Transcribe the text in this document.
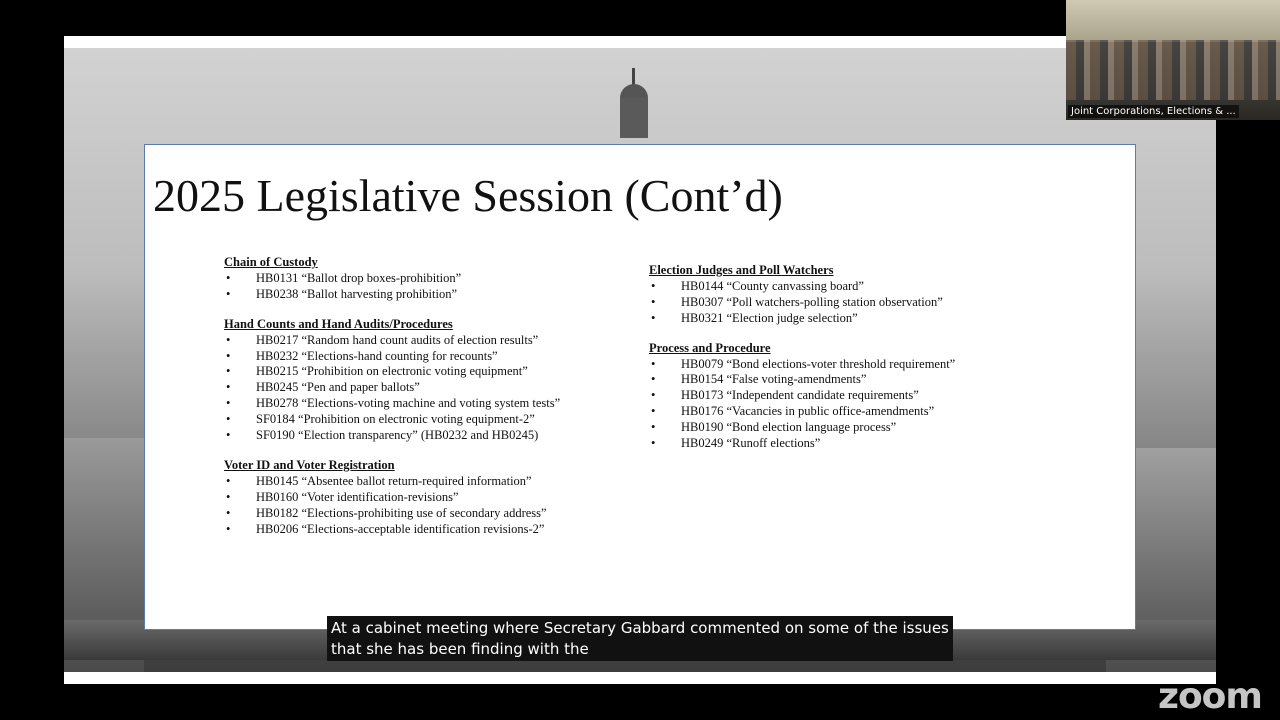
2025 Legislative Session (Cont’d)

Chain of Custody

• HB0131 “Ballot drop boxes-prohibition”
• HB0238 “Ballot harvesting prohibition”

Hand Counts and Hand Audits/Procedures

• HB0217 “Random hand count audits of election results”
• HB0232 “Elections-hand counting for recounts”
• HB0215 “Prohibition on electronic voting equipment”
• HB0245 “Pen and paper ballots”
• HB0278 “Elections-voting machine and voting system tests”
• SF0184 “Prohibition on electronic voting equipment-2”
• SF0190 “Election transparency” (HB0232 and HB0245)

Voter ID and Voter Registration

• HB0145 “Absentee ballot return-required information”
• HB0160 “Voter identification-revisions”
• HB0182 “Elections-prohibiting use of secondary address”
• HB0206 “Elections-acceptable identification revisions-2”

Election Judges and Poll Watchers

• HB0144 “County canvassing board”
• HB0307 “Poll watchers-polling station observation”
• HB0321 “Election judge selection”

Process and Procedure

• HB0079 “Bond elections-voter threshold requirement”
• HB0154 “False voting-amendments”
• HB0173 “Independent candidate requirements”
• HB0176 “Vacancies in public office-amendments”
• HB0190 “Bond election language process”
• HB0249 “Runoff elections”
zoom
At a cabinet meeting where Secretary Gabbard commented on some of the issues
that she has been finding with the
Joint Corporations, Elections & ...
